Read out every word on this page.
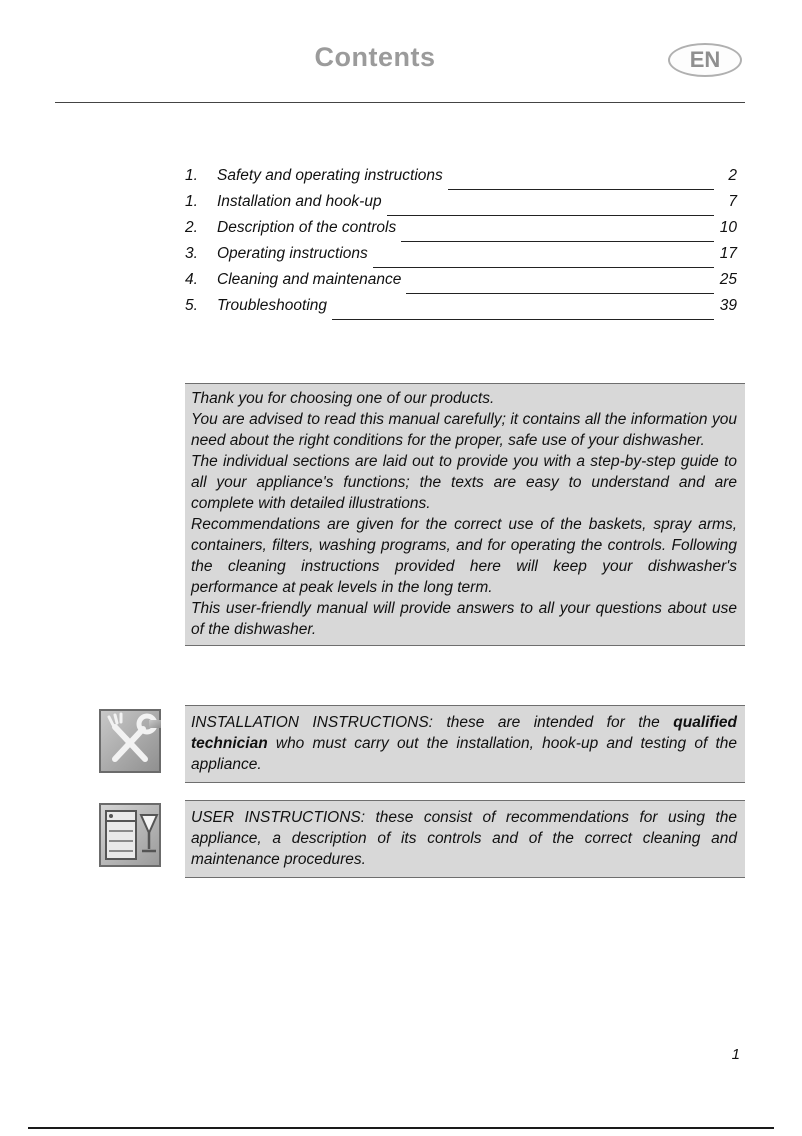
Contents	EN
1.	Safety and operating instructions	2
1.	Installation and hook-up	7
2.	Description of the controls	10
3.	Operating instructions	17
4.	Cleaning and maintenance	25
5.	Troubleshooting	39

Thank you for choosing one of our products.

You are advised to read this manual carefully; it contains all the information you need about the right conditions for the proper, safe use of your dishwasher.

The individual sections are laid out to provide you with a step-by-step guide to all your appliance's functions; the texts are easy to understand and are complete with detailed illustrations.

Recommendations are given for the correct use of the baskets, spray arms, containers, filters, washing programs, and for operating the controls. Following the cleaning instructions provided here will keep your dishwasher's performance at peak levels in the long term.

This user-friendly manual will provide answers to all your questions about use of the dishwasher.

INSTALLATION INSTRUCTIONS: these are intended for the qualified technician who must carry out the installation, hook-up and testing of the appliance.

USER INSTRUCTIONS: these consist of recommendations for using the appliance, a description of its controls and of the correct cleaning and maintenance procedures.

1
